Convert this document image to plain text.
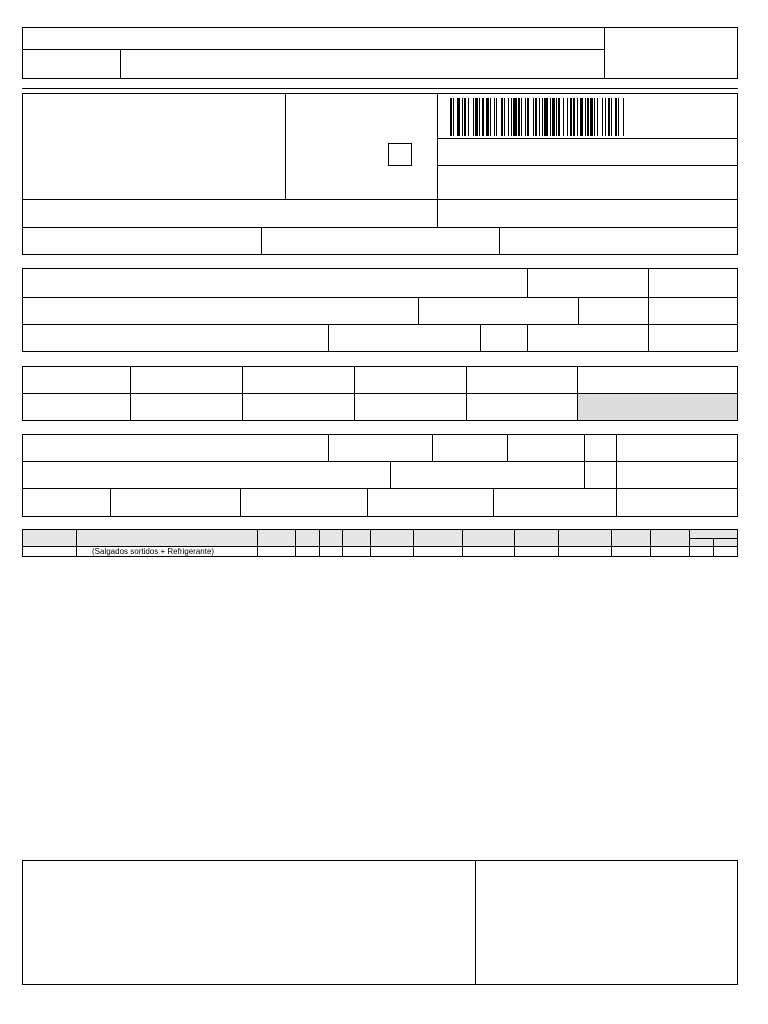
(Salgados sortidos + Refrigerante)
